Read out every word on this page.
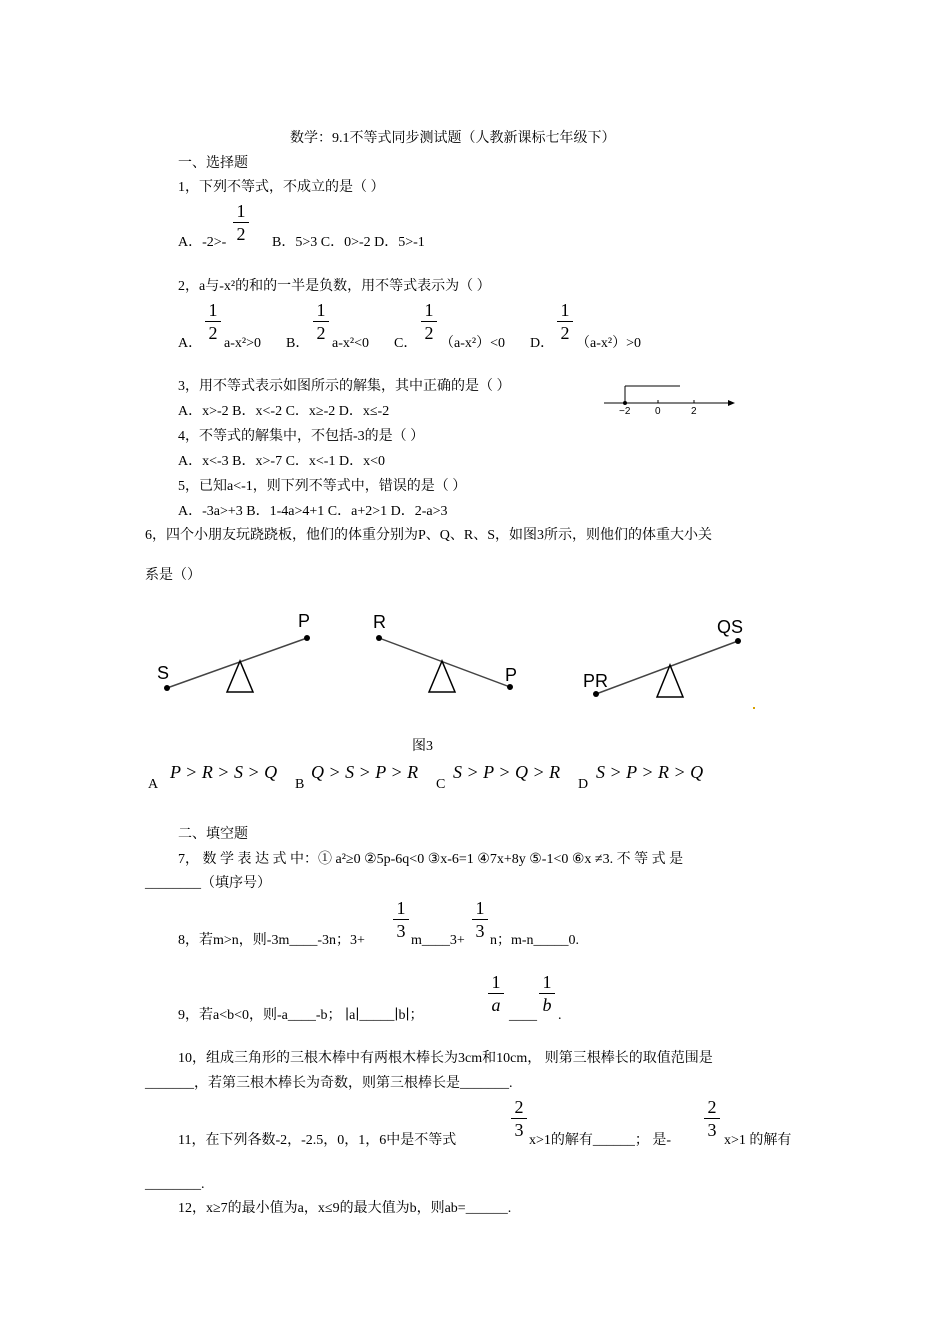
数学：9.1不等式同步测试题（人教新课标七年级下）
一、选择题
1，下列不等式，不成立的是（ ）
1
2
A．-2>-	B．5>3 C．0>-2 D．5>-1
2，a与-x²的和的一半是负数，用不等式表示为（ ）
A．
1
2
a-x²>0 B．
1
2
a-x²<0 C．
1
2
（a-x²）<0 D．
1
2
（a-x²）>0
3，用不等式表示如图所示的解集，其中正确的是（ ）
A．x>-2 B．x<-2 C．x≥-2 D．x≤-2	−2 0	2
4，不等式的解集中，不包括-3的是（ ）
A．x<-3 B．x>-7 C．x<-1 D．x<0
5，已知a<-1，则下列不等式中，错误的是（ ）
A．-3a>+3 B．1-4a>4+1 C．a+2>1 D．2-a>3
6，四个小朋友玩跷跷板，他们的体重分别为P、Q、R、S，如图3所示，则他们的体重大小关
系是（）
S
P	R
P	PR
QS
图3
A
P > R > S > Q
B
Q > S > P > R
C
S > P > Q > R
D
S > P > R > Q
二、填空题
7， 数 学 表 达 式 中：① a²≥0 ②5p-6q<0 ③x-6=1 ④7x+8y ⑤-1<0 ⑥x ≠3. 不 等 式 是
________（填序号）
8，若m>n，则-3m____-3n；3+
1
3 m____3+
1
3 n；m-n_____0.
9，若a<b<0，则-a____-b； ∣a∣_____∣b∣；
1
a
____
1
b
.
10，组成三角形的三根木棒中有两根木棒长为3cm和10cm， 则第三根棒长的取值范围是
_______，若第三根木棒长为奇数，则第三根棒长是_______.
11，在下列各数-2，-2.5，0，1，6中是不等式
2
3
x>1的解有______； 是-
2
3
x>1 的解有
________.
12，x≥7的最小值为a，x≤9的最大值为b，则ab=______.
